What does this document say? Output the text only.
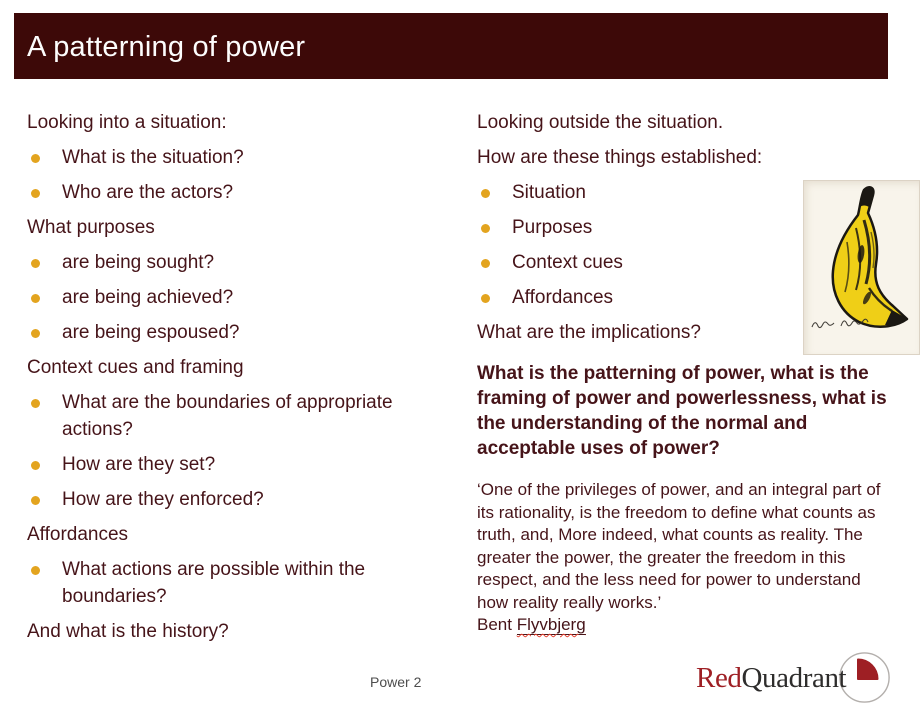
A patterning of power
Looking into a situation:
What is the situation?
Who are the actors?
What purposes
are being sought?
are being achieved?
are being espoused?
Context cues and framing
What are the boundaries of appropriate actions?
How are they set?
How are they enforced?
Affordances
What actions are possible within the boundaries?
And what is the history?
Looking outside the situation.
How are these things established:
Situation
Purposes
Context cues
Affordances
What are the implications?

What is the patterning of power, what is the framing of power and powerlessness, what is the understanding of the normal and acceptable uses of power?

‘One of the privileges of power, and an integral part of its rationality, is the freedom to define what counts as truth, and, More indeed, what counts as reality. The greater the power, the greater the freedom in this respect, and the less need for power to understand how reality really works.’
Bent Flyvbjerg

Power 2	RedQuadrant
